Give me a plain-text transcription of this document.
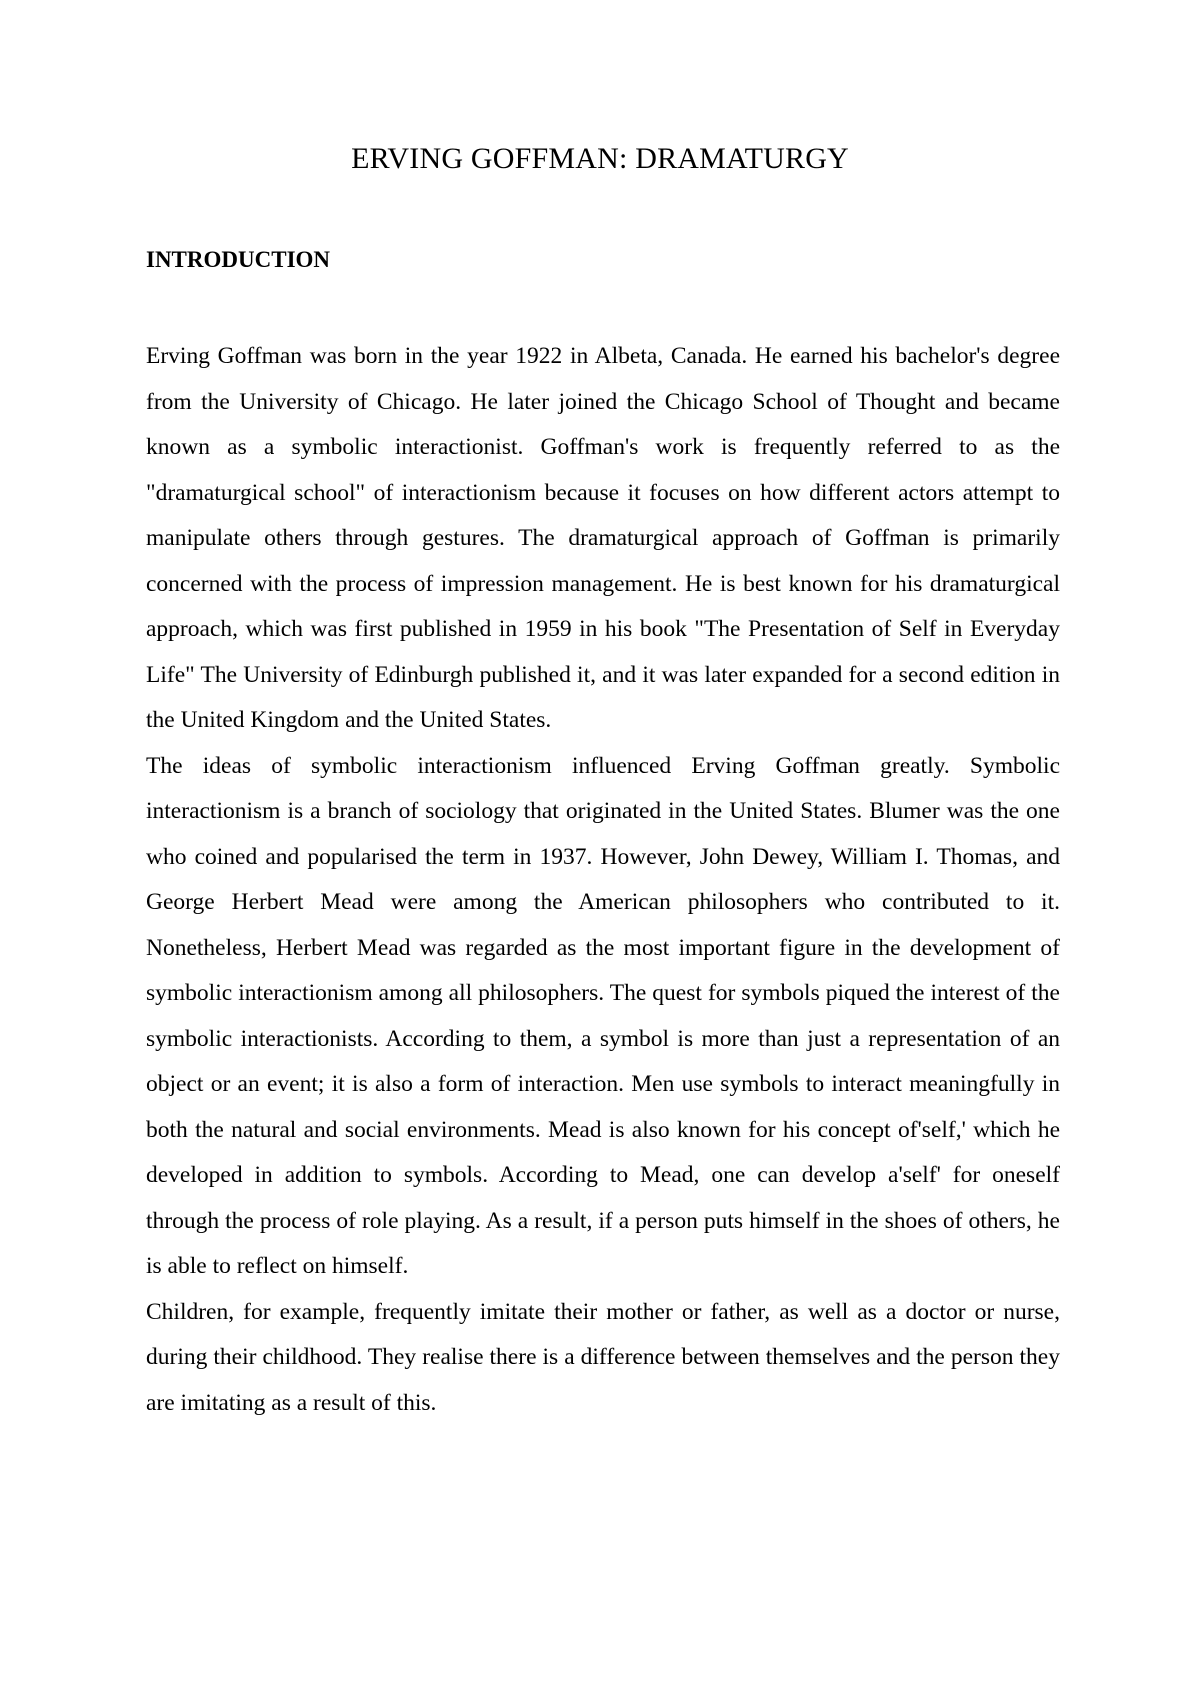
ERVING GOFFMAN: DRAMATURGY
INTRODUCTION

Erving Goffman was born in the year 1922 in Albeta, Canada. He earned his bachelor's degree from the University of Chicago. He later joined the Chicago School of Thought and became known as a symbolic interactionist. Goffman's work is frequently referred to as the "dramaturgical school" of interactionism because it focuses on how different actors attempt to manipulate others through gestures. The dramaturgical approach of Goffman is primarily concerned with the process of impression management. He is best known for his dramaturgical approach, which was first published in 1959 in his book "The Presentation of Self in Everyday Life" The University of Edinburgh published it, and it was later expanded for a second edition in the United Kingdom and the United States.

The ideas of symbolic interactionism influenced Erving Goffman greatly. Symbolic interactionism is a branch of sociology that originated in the United States. Blumer was the one who coined and popularised the term in 1937. However, John Dewey, William I. Thomas, and George Herbert Mead were among the American philosophers who contributed to it. Nonetheless, Herbert Mead was regarded as the most important figure in the development of symbolic interactionism among all philosophers. The quest for symbols piqued the interest of the symbolic interactionists. According to them, a symbol is more than just a representation of an object or an event; it is also a form of interaction. Men use symbols to interact meaningfully in both the natural and social environments. Mead is also known for his concept of'self,' which he developed in addition to symbols. According to Mead, one can develop a'self' for oneself through the process of role playing. As a result, if a person puts himself in the shoes of others, he is able to reflect on himself.

Children, for example, frequently imitate their mother or father, as well as a doctor or nurse, during their childhood. They realise there is a difference between themselves and the person they are imitating as a result of this.
